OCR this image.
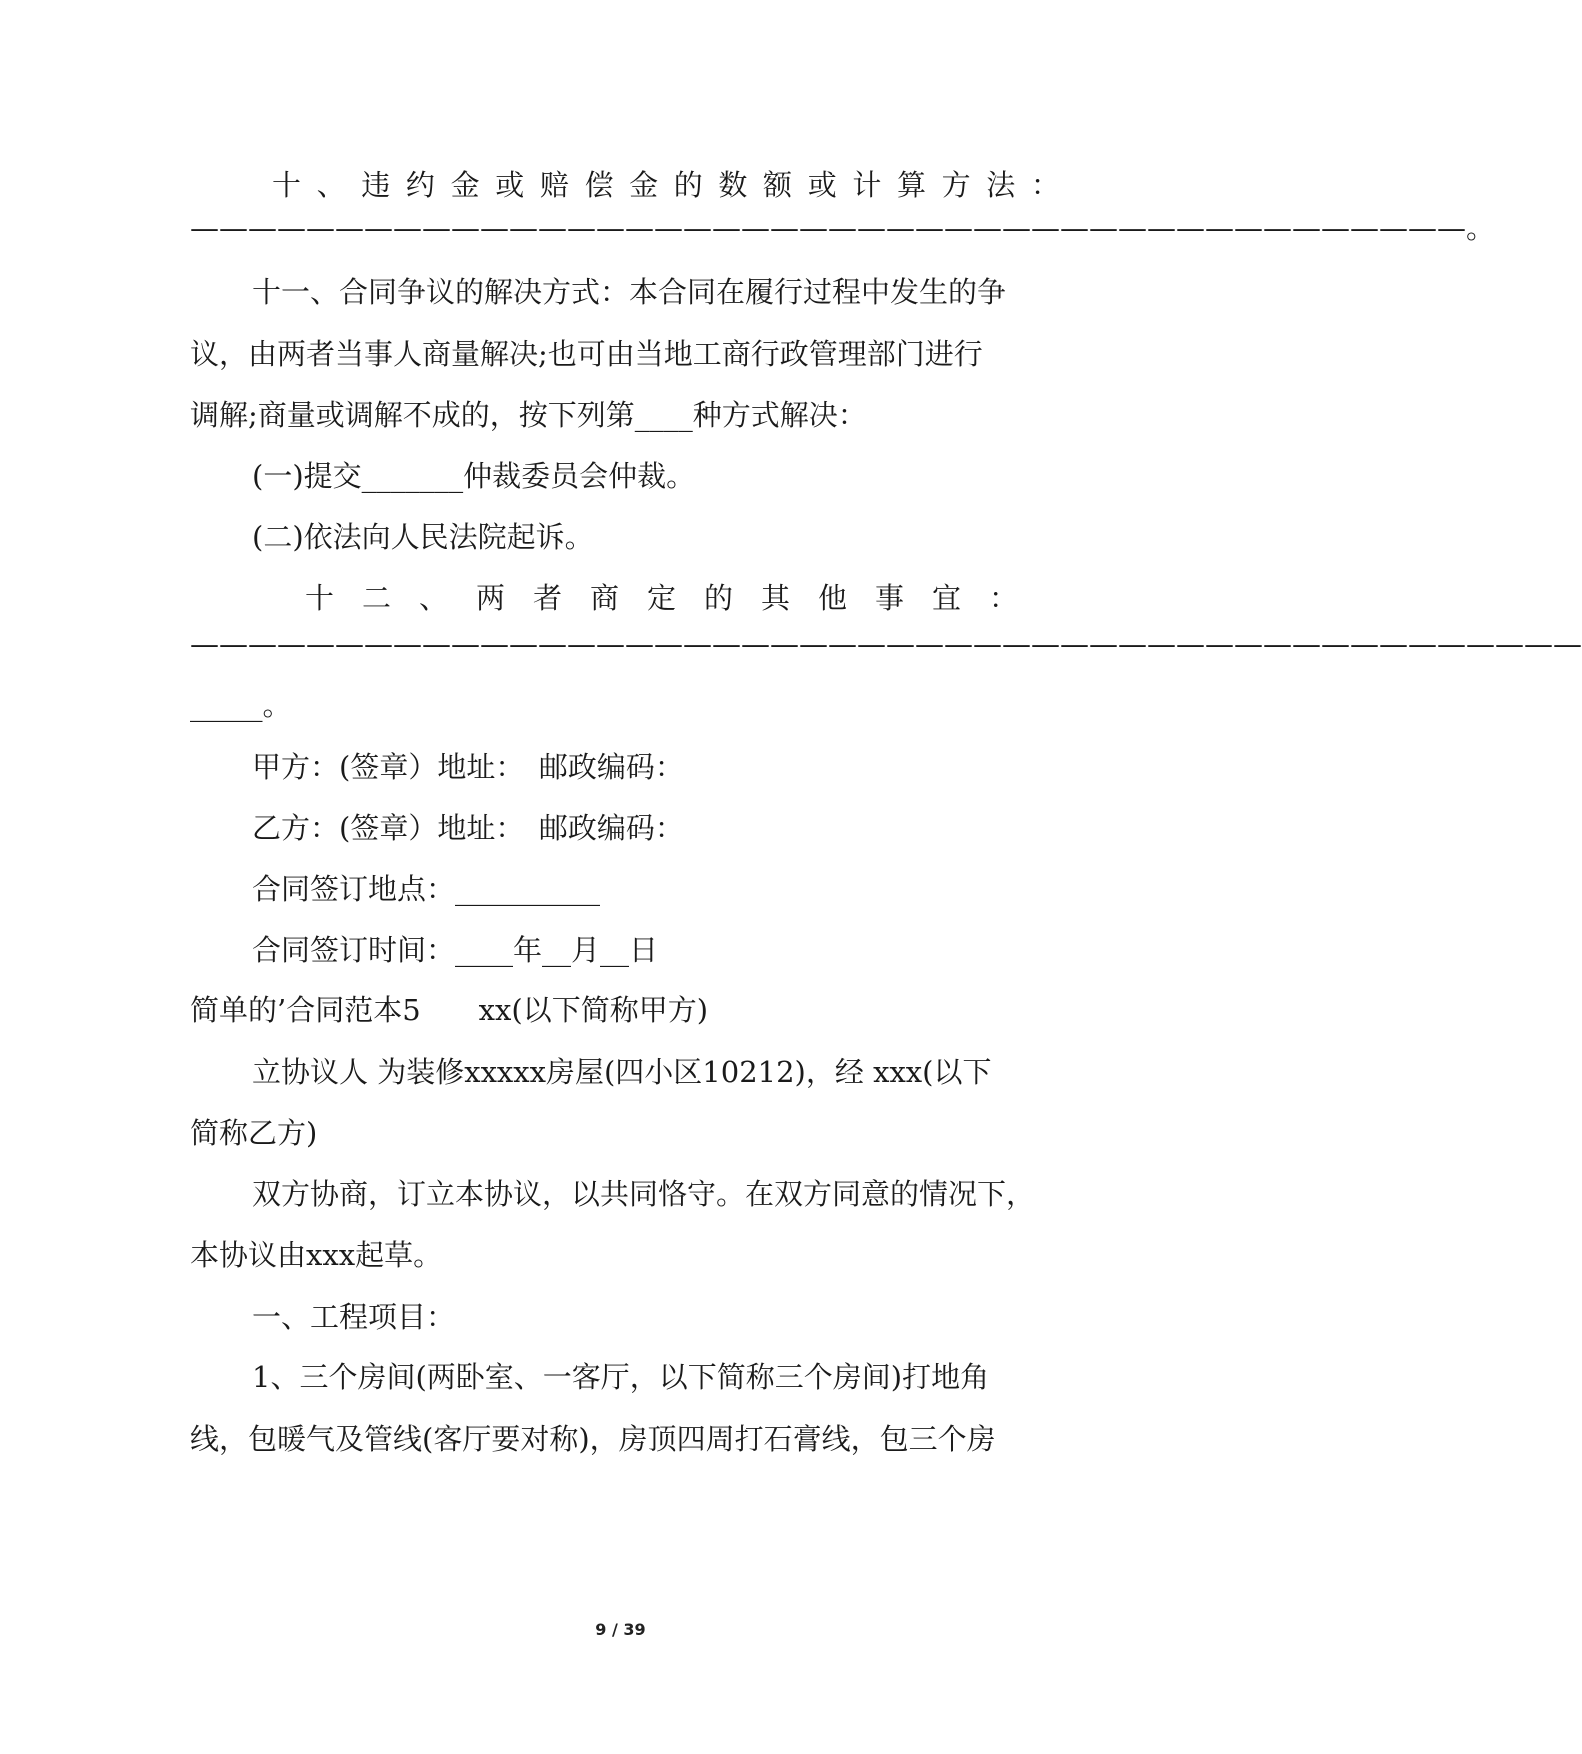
十 、 违 约 金 或 赔 偿 金 的 数 额 或 计 算 方 法 ：
————————————————————————————————————————————。
十一、合同争议的解决方式：本合同在履行过程中发生的争
议，由两者当事人商量解决;也可由当地工商行政管理部门进行
调解;商量或调解不成的，按下列第____种方式解决：
(一)提交_______仲裁委员会仲裁。
(二)依法向人民法院起诉。
十二、两者商定的其他事宜：
————————————————————————————————————————————————
_____。
甲方：(签章）地址：　邮政编码：
乙方：(签章）地址：　邮政编码：
合同签订地点：__________
合同签订时间：____年__月__日
简单的’合同范本5　　xx(以下简称甲方)
立协议人 为装修xxxxx房屋(四小区10212)，经 xxx(以下
简称乙方)
双方协商，订立本协议，以共同恪守。在双方同意的情况下，
本协议由xxx起草。
一、工程项目：
1、三个房间(两卧室、一客厅，以下简称三个房间)打地角
线，包暖气及管线(客厅要对称)，房顶四周打石膏线，包三个房
9 / 39
